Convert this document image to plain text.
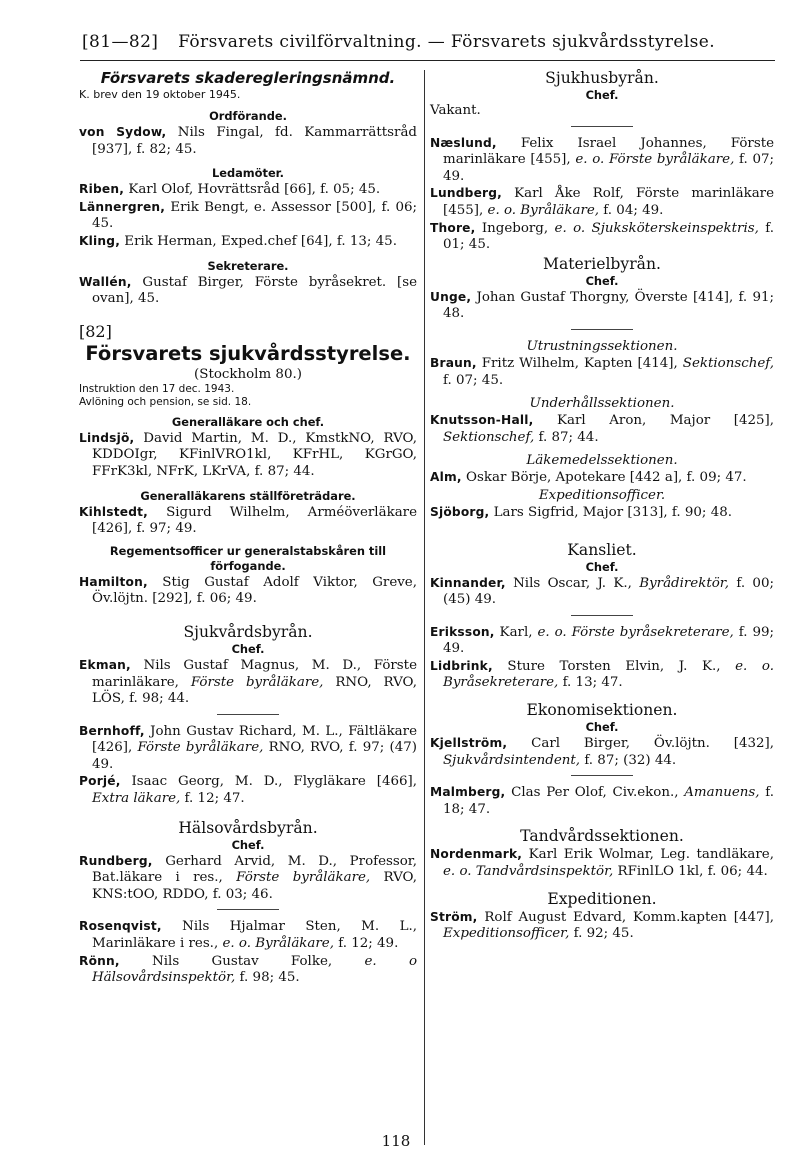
[81—82] Försvarets civilförvaltning. — Försvarets sjukvårdsstyrelse.

Försvarets skaderegleringsnämnd.

K. brev den 19 oktober 1945.

Ordförande.

von Sydow, Nils Fingal, fd. Kammarrättsråd [937], f. 82; 45.

Ledamöter.

Riben, Karl Olof, Hovrättsråd [66], f. 05; 45.

Lännergren, Erik Bengt, e. Assessor [500], f. 06; 45.

Kling, Erik Herman, Exped.chef [64], f. 13; 45.

Sekreterare.

Wallén, Gustaf Birger, Förste byråsekret. [se ovan], 45.

[82]

Försvarets sjukvårdsstyrelse.

(Stockholm 80.)

Instruktion den 17 dec. 1943.

Avlöning och pension, se sid. 18.

Generalläkare och chef.

Lindsjö, David Martin, M. D., KmstkNO, RVO, KDDOIgr, KFinlVRO1kl, KFrHL, KGrGO, FFrK3kl, NFrK, LKrVA, f. 87; 44.

Generalläkarens ställföreträdare.

Kihlstedt, Sigurd Wilhelm, Arméöverläkare [426], f. 97; 49.

Regementsofficer ur generalstabskåren till förfogande.

Hamilton, Stig Gustaf Adolf Viktor, Greve, Öv.löjtn. [292], f. 06; 49.

Sjukvårdsbyrån.

Chef.

Ekman, Nils Gustaf Magnus, M. D., Förste marinläkare, Förste byråläkare, RNO, RVO, LÖS, f. 98; 44.

Bernhoff, John Gustav Richard, M. L., Fältläkare [426], Förste byråläkare, RNO, RVO, f. 97; (47) 49.

Porjé, Isaac Georg, M. D., Flygläkare [466], Extra läkare, f. 12; 47.

Hälsovårdsbyrån.

Chef.

Rundberg, Gerhard Arvid, M. D., Professor, Bat.läkare i res., Förste byråläkare, RVO, KNS:tOO, RDDO, f. 03; 46.

Rosenqvist, Nils Hjalmar Sten, M. L., Marinläkare i res., e. o. Byråläkare, f. 12; 49.

Rönn, Nils Gustav Folke, e. o Hälsovårdsinspektör, f. 98; 45.

Sjukhusbyrån.

Chef.

Vakant.

Næslund, Felix Israel Johannes, Förste marinläkare [455], e. o. Förste byråläkare, f. 07; 49.

Lundberg, Karl Åke Rolf, Förste marinläkare [455], e. o. Byråläkare, f. 04; 49.

Thore, Ingeborg, e. o. Sjuksköterskeinspektris, f. 01; 45.

Materielbyrån.

Chef.

Unge, Johan Gustaf Thorgny, Överste [414], f. 91; 48.

Utrustningssektionen.

Braun, Fritz Wilhelm, Kapten [414], Sektionschef, f. 07; 45.

Underhållssektionen.

Knutsson-Hall, Karl Aron, Major [425], Sektionschef, f. 87; 44.

Läkemedelssektionen.

Alm, Oskar Börje, Apotekare [442 a], f. 09; 47.

Expeditionsofficer.

Sjöborg, Lars Sigfrid, Major [313], f. 90; 48.

Kansliet.

Chef.

Kinnander, Nils Oscar, J. K., Byrådirektör, f. 00; (45) 49.

Eriksson, Karl, e. o. Förste byråsekreterare, f. 99; 49.

Lidbrink, Sture Torsten Elvin, J. K., e. o. Byråsekreterare, f. 13; 47.

Ekonomisektionen.

Chef.

Kjellström, Carl Birger, Öv.löjtn. [432], Sjukvårdsintendent, f. 87; (32) 44.

Malmberg, Clas Per Olof, Civ.ekon., Amanuens, f. 18; 47.

Tandvårdssektionen.

Nordenmark, Karl Erik Wolmar, Leg. tandläkare, e. o. Tandvårdsinspektör, RFinlLO 1kl, f. 06; 44.

Expeditionen.

Ström, Rolf August Edvard, Komm.kapten [447], Expeditionsofficer, f. 92; 45.

118
